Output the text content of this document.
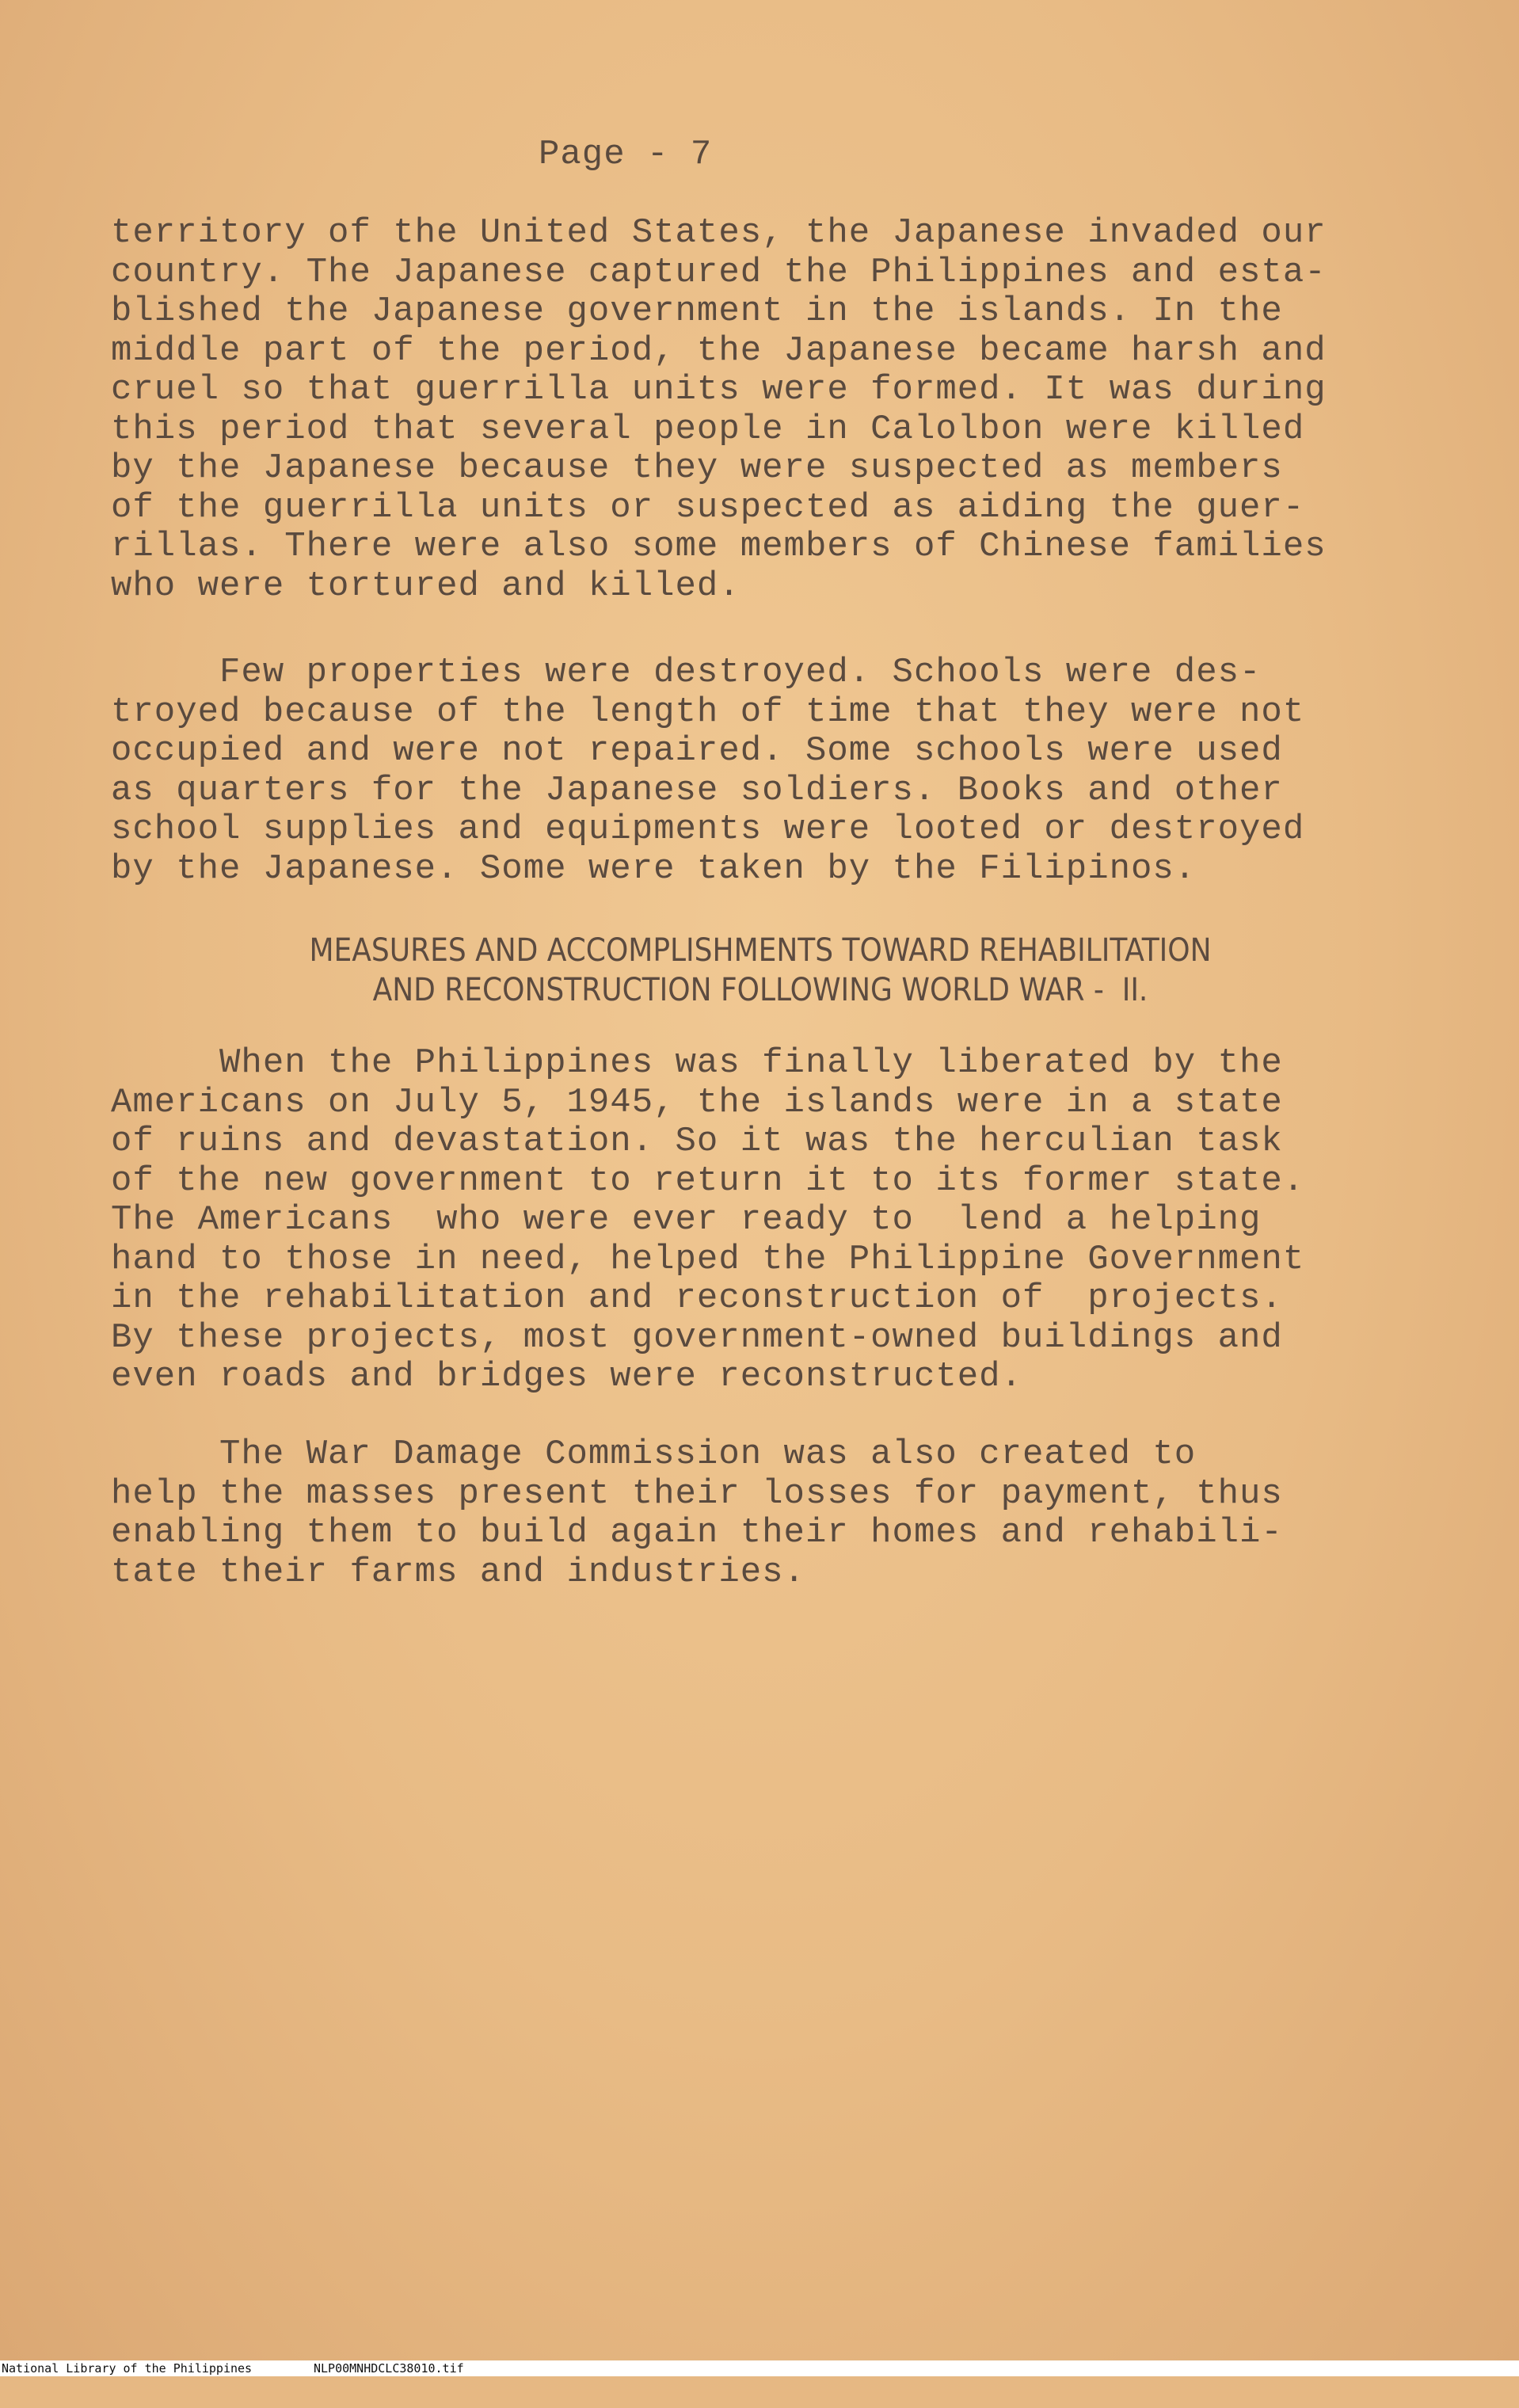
Page - 7
territory of the United States, the Japanese invaded our
country. The Japanese captured the Philippines and esta-
blished the Japanese government in the islands. In the
middle part of the period, the Japanese became harsh and
cruel so that guerrilla units were formed. It was during
this period that several people in Calolbon were killed
by the Japanese because they were suspected as members
of the guerrilla units or suspected as aiding the guer-
rillas. There were also some members of Chinese families
who were tortured and killed.
Few properties were destroyed. Schools were des-
troyed because of the length of time that they were not
occupied and were not repaired. Some schools were used
as quarters for the Japanese soldiers. Books and other
school supplies and equipments were looted or destroyed
by the Japanese. Some were taken by the Filipinos.
MEASURES AND ACCOMPLISHMENTS TOWARD REHABILITATION
AND RECONSTRUCTION FOLLOWING WORLD WAR -  II.
When the Philippines was finally liberated by the
Americans on July 5, 1945, the islands were in a state
of ruins and devastation. So it was the herculian task
of the new government to return it to its former state.
The Americans  who were ever ready to  lend a helping
hand to those in need, helped the Philippine Government
in the rehabilitation and reconstruction of  projects.
By these projects, most government-owned buildings and
even roads and bridges were reconstructed.
The War Damage Commission was also created to
help the masses present their losses for payment, thus
enabling them to build again their homes and rehabili-
tate their farms and industries.

National Library of the Philippines

	NLP00MNHDCLC38010.tif
